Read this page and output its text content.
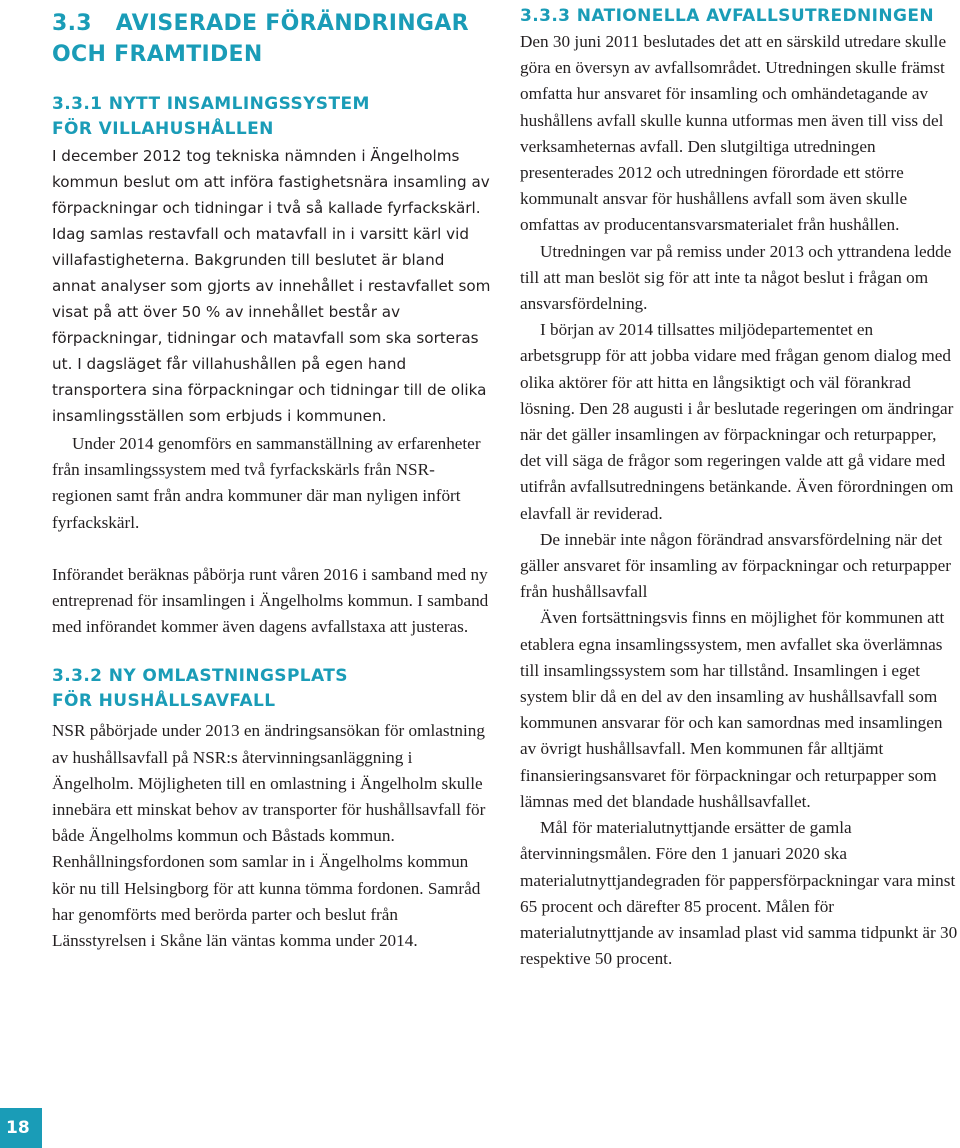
3.3 AVISERADE FÖRÄNDRINGAR OCH FRAMTIDEN
3.3.1 NYTT INSAMLINGSSYSTEM FÖR VILLAHUSHÅLLEN

I december 2012 tog tekniska nämnden i Ängelholms kommun beslut om att införa fastighetsnära insamling av förpackningar och tidningar i två så kallade fyrfackskärl. Idag samlas restavfall och matavfall in i varsitt kärl vid villafastigheterna. Bakgrunden till beslutet är bland annat analyser som gjorts av innehållet i restavfallet som visat på att över 50 % av innehållet består av förpackningar, tidningar och matavfall som ska sorteras ut. I dagsläget får villahushållen på egen hand transportera sina förpackningar och tidningar till de olika insamlingsställen som erbjuds i kommunen.

Under 2014 genomförs en sammanställning av erfarenheter från insamlingssystem med två fyrfackskärls från NSR-regionen samt från andra kommuner där man nyligen infört fyrfackskärl.

Införandet beräknas påbörja runt våren 2016 i samband med ny entreprenad för insamlingen i Ängelholms kommun. I samband med införandet kommer även dagens avfallstaxa att justeras.

3.3.2 NY OMLASTNINGSPLATS FÖR HUSHÅLLSAVFALL

NSR påbörjade under 2013 en ändringsansökan för omlastning av hushållsavfall på NSR:s återvinningsanläggning i Ängelholm. Möjligheten till en omlastning i Ängelholm skulle innebära ett minskat behov av transporter för hushållsavfall för både Ängelholms kommun och Båstads kommun. Renhållningsfordonen som samlar in i Ängelholms kommun kör nu till Helsingborg för att kunna tömma fordonen. Samråd har genomförts med berörda parter och beslut från Länsstyrelsen i Skåne län väntas komma under 2014.

3.3.3 NATIONELLA AVFALLSUTREDNINGEN

Den 30 juni 2011 beslutades det att en särskild utredare skulle göra en översyn av avfallsområdet. Utredningen skulle främst omfatta hur ansvaret för insamling och omhändetagande av hushållens avfall skulle kunna utformas men även till viss del verksamheternas avfall. Den slutgiltiga utredningen presenterades 2012 och utredningen förordade ett större kommunalt ansvar för hushållens avfall som även skulle omfattas av producentansvarsmaterialet från hushållen.

Utredningen var på remiss under 2013 och yttrandena ledde till att man beslöt sig för att inte ta något beslut i frågan om ansvarsfördelning.

I början av 2014 tillsattes miljödepartementet en arbetsgrupp för att jobba vidare med frågan genom dialog med olika aktörer för att hitta en långsiktigt och väl förankrad lösning. Den 28 augusti i år beslutade regeringen om ändringar när det gäller insamlingen av förpackningar och returpapper, det vill säga de frågor som regeringen valde att gå vidare med utifrån avfallsutredningens betänkande. Även förordningen om elavfall är reviderad.

De innebär inte någon förändrad ansvarsfördelning när det gäller ansvaret för insamling av förpackningar och returpapper från hushållsavfall

Även fortsättningsvis finns en möjlighet för kommunen att etablera egna insamlingssystem, men avfallet ska överlämnas till insamlingssystem som har tillstånd. Insamlingen i eget system blir då en del av den insamling av hushållsavfall som kommunen ansvarar för och kan samordnas med insamlingen av övrigt hushållsavfall. Men kommunen får alltjämt finansieringsansvaret för förpackningar och returpapper som lämnas med det blandade hushållsavfallet.

Mål för materialutnyttjande ersätter de gamla återvinningsmålen. Före den 1 januari 2020 ska materialutnyttjandegraden för pappersförpackningar vara minst 65 procent och därefter 85 procent. Målen för materialutnyttjande av insamlad plast vid samma tidpunkt är 30 respektive 50 procent.

18
